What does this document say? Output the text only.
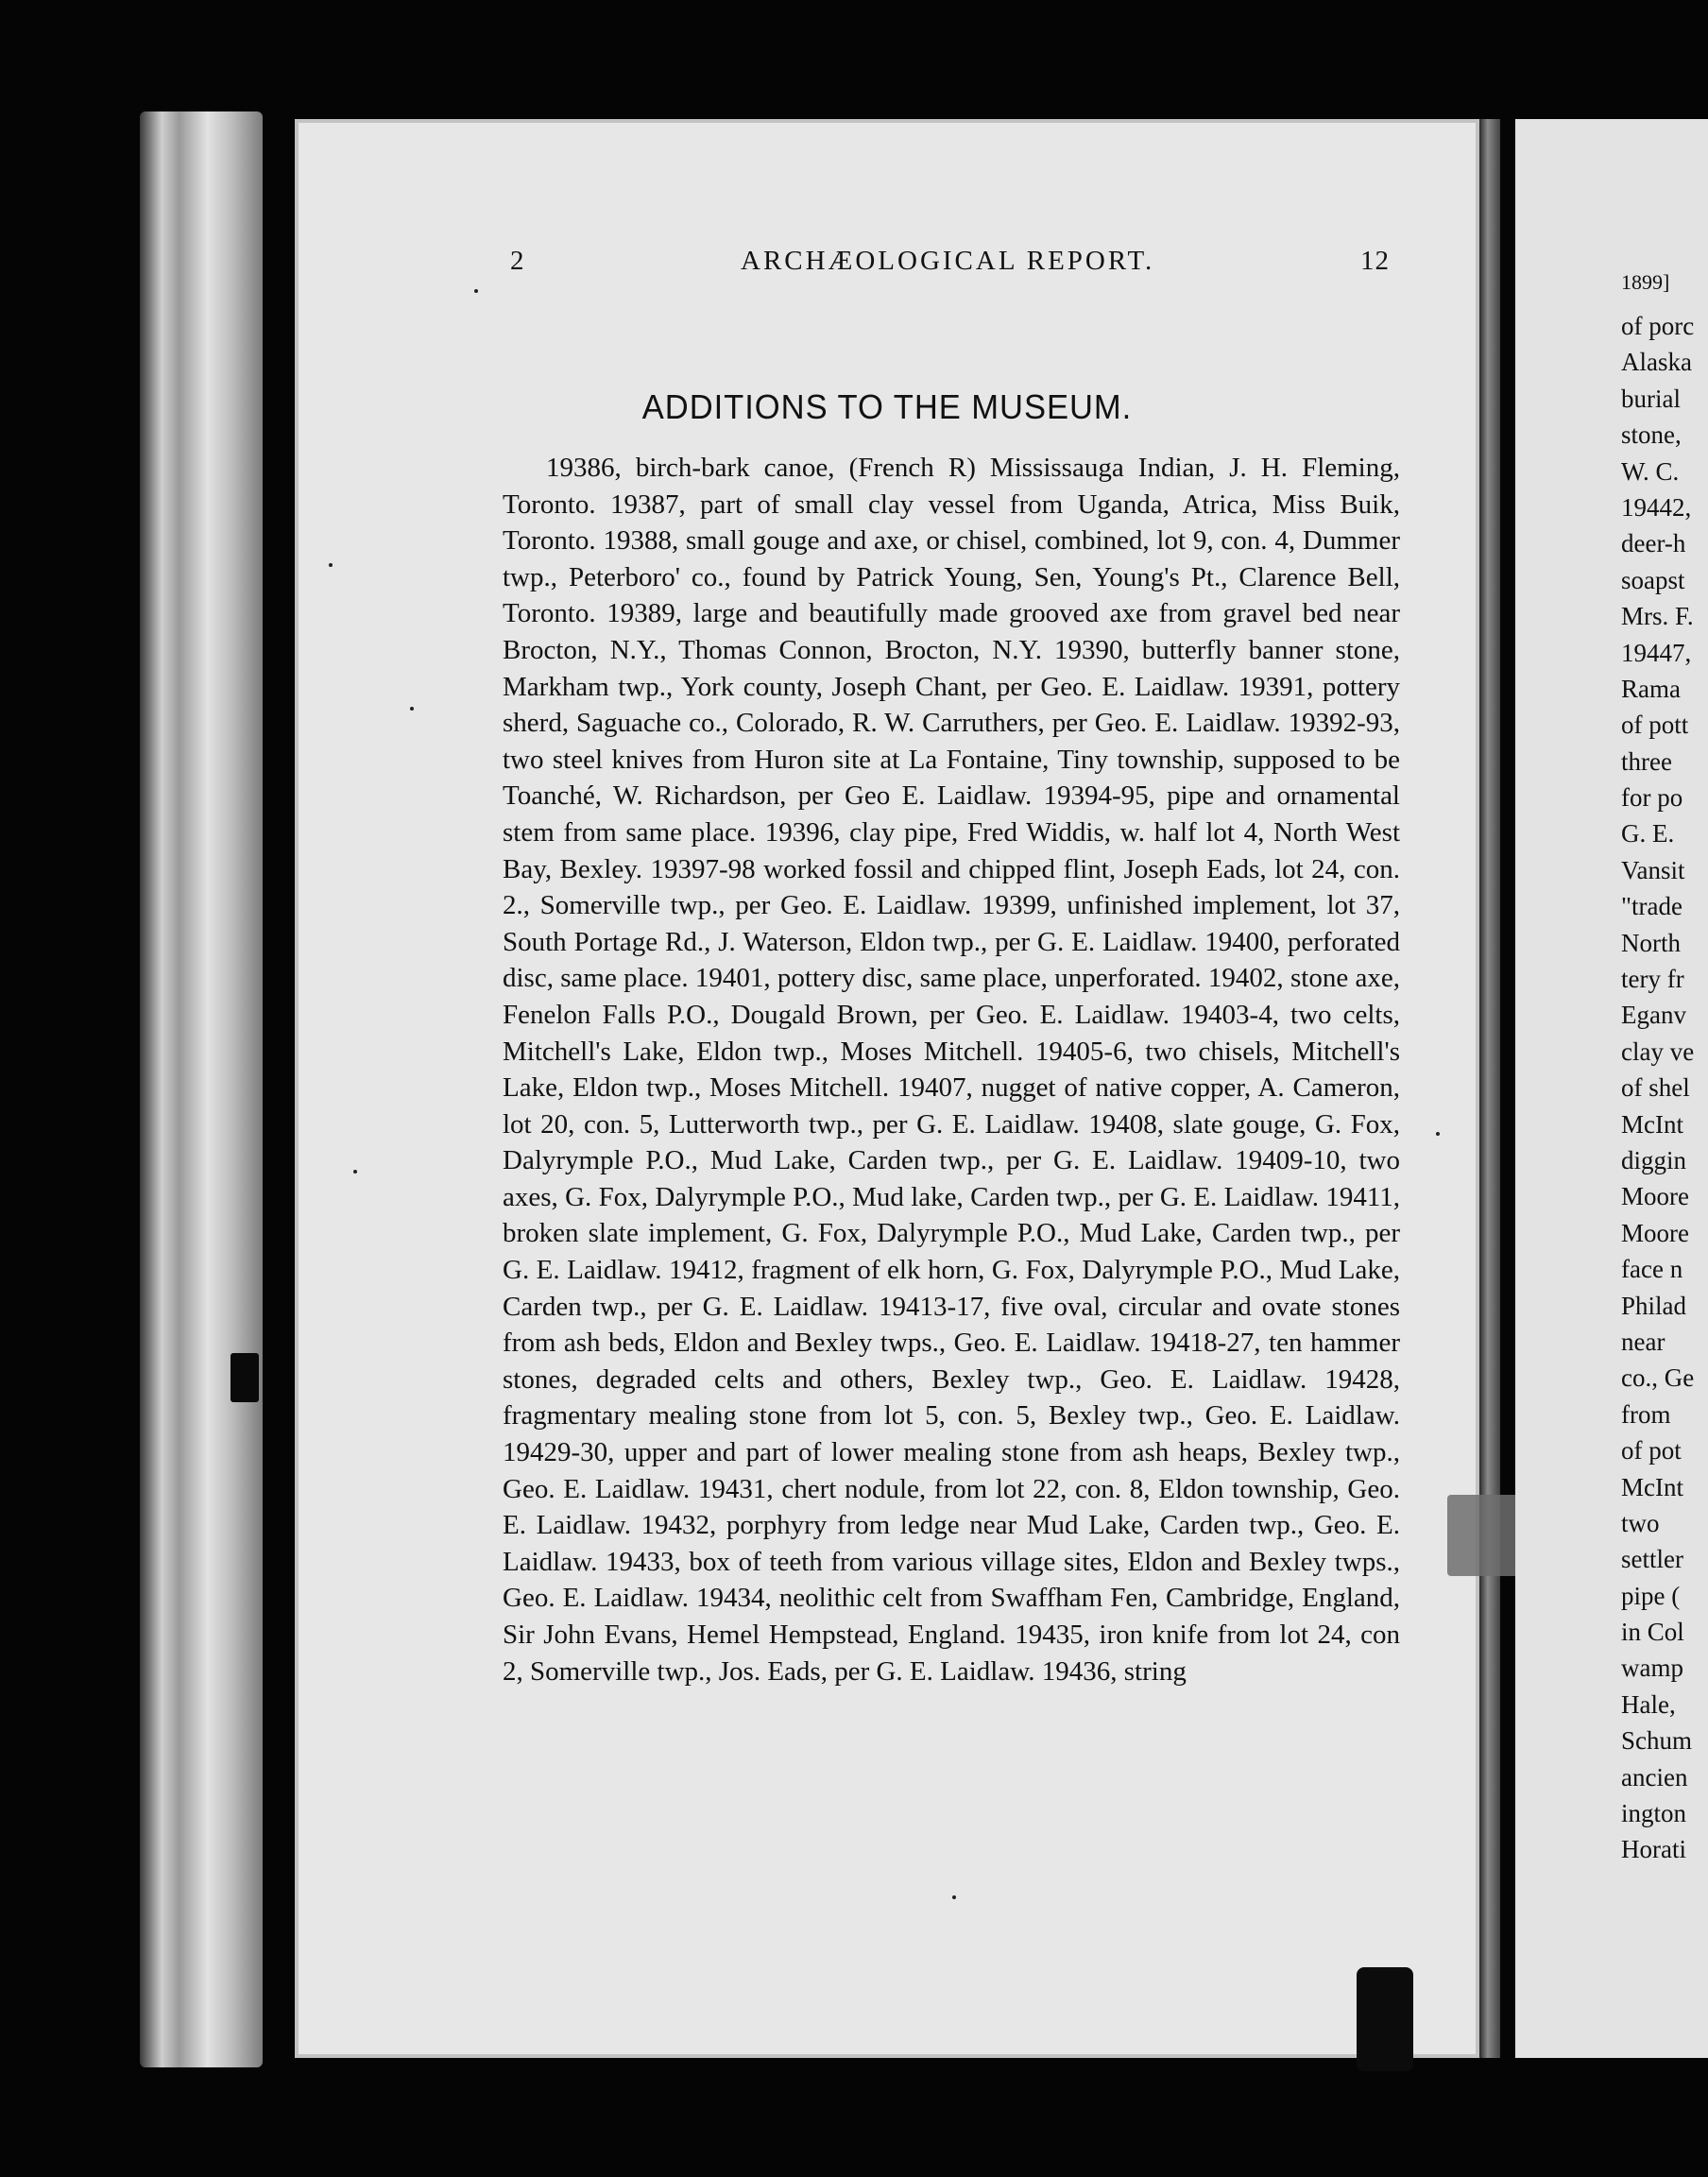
2	ARCHÆOLOGICAL REPORT.	12
ADDITIONS TO THE MUSEUM.

19386, birch-bark canoe, (French R) Mississauga Indian, J. H. Fleming, Toronto. 19387, part of small clay vessel from Uganda, Atrica, Miss Buik, Toronto. 19388, small gouge and axe, or chisel, combined, lot 9, con. 4, Dummer twp., Peterboro' co., found by Patrick Young, Sen, Young's Pt., Clarence Bell, Toronto. 19389, large and beautifully made grooved axe from gravel bed near Brocton, N.Y., Thomas Connon, Brocton, N.Y. 19390, butterfly banner stone, Markham twp., York county, Joseph Chant, per Geo. E. Laidlaw. 19391, pottery sherd, Saguache co., Colorado, R. W. Carruthers, per Geo. E. Laidlaw. 19392-93, two steel knives from Huron site at La Fontaine, Tiny township, supposed to be Toanché, W. Richardson, per Geo E. Laidlaw. 19394-95, pipe and ornamental stem from same place. 19396, clay pipe, Fred Widdis, w. half lot 4, North West Bay, Bexley. 19397-98 worked fossil and chipped flint, Joseph Eads, lot 24, con. 2., Somerville twp., per Geo. E. Laidlaw. 19399, unfinished implement, lot 37, South Portage Rd., J. Waterson, Eldon twp., per G. E. Laidlaw. 19400, perforated disc, same place. 19401, pottery disc, same place, unperforated. 19402, stone axe, Fenelon Falls P.O., Dougald Brown, per Geo. E. Laidlaw. 19403-4, two celts, Mitchell's Lake, Eldon twp., Moses Mitchell. 19405-6, two chisels, Mitchell's Lake, Eldon twp., Moses Mitchell. 19407, nugget of native copper, A. Cameron, lot 20, con. 5, Lutterworth twp., per G. E. Laidlaw. 19408, slate gouge, G. Fox, Dalyrymple P.O., Mud Lake, Carden twp., per G. E. Laidlaw. 19409-10, two axes, G. Fox, Dalyrymple P.O., Mud lake, Carden twp., per G. E. Laidlaw. 19411, broken slate implement, G. Fox, Dalyrymple P.O., Mud Lake, Carden twp., per G. E. Laidlaw. 19412, fragment of elk horn, G. Fox, Dalyrymple P.O., Mud Lake, Carden twp., per G. E. Laidlaw. 19413-17, five oval, circular and ovate stones from ash beds, Eldon and Bexley twps., Geo. E. Laidlaw. 19418-27, ten hammer stones, degraded celts and others, Bexley twp., Geo. E. Laidlaw. 19428, fragmentary mealing stone from lot 5, con. 5, Bexley twp., Geo. E. Laidlaw. 19429-30, upper and part of lower mealing stone from ash heaps, Bexley twp., Geo. E. Laidlaw. 19431, chert nodule, from lot 22, con. 8, Eldon township, Geo. E. Laidlaw. 19432, porphyry from ledge near Mud Lake, Carden twp., Geo. E. Laidlaw. 19433, box of teeth from various village sites, Eldon and Bexley twps., Geo. E. Laidlaw. 19434, neolithic celt from Swaffham Fen, Cambridge, England, Sir John Evans, Hemel Hempstead, England. 19435, iron knife from lot 24, con 2, Somerville twp., Jos. Eads, per G. E. Laidlaw. 19436, string

1899]
of porc
Alaska
burial
stone,
W. C.
19442,
deer-h
soapst
Mrs. F.
19447,
Rama
of pott
three
for po
G. E.
Vansit
"trade
North
tery fr
Eganv
clay ve
of shel
McInt
diggin
Moore
Moore
face n
Philad
near
co., Ge
from
of pot
McInt
two
settler
pipe (
in Col
wamp
Hale,
Schum
ancien
ington
Horati
